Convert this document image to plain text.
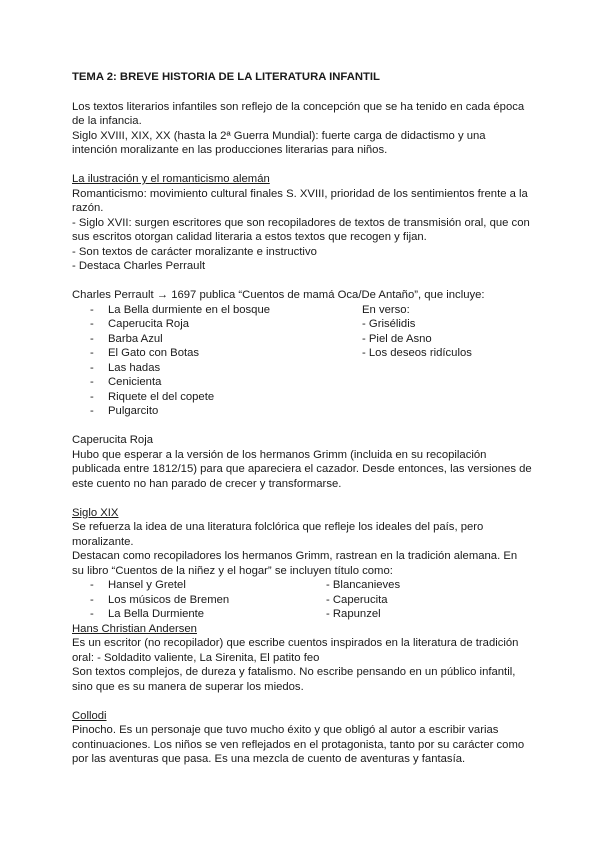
TEMA 2: BREVE HISTORIA DE LA LITERATURA INFANTIL

Los textos literarios infantiles son reflejo de la concepción que se ha tenido en cada época de la infancia.

Siglo XVIII, XIX, XX (hasta la 2ª Guerra Mundial): fuerte carga de didactismo y una intención moralizante en las producciones literarias para niños.

La ilustración y el romanticismo alemán

Romanticismo: movimiento cultural finales S. XVIII, prioridad de los sentimientos frente a la razón.

- Siglo XVII: surgen escritores que son recopiladores de textos de transmisión oral, que con sus escritos otorgan calidad literaria a estos textos que recogen y fijan.

- Son textos de carácter moralizante e instructivo

- Destaca Charles Perrault

Charles Perrault → 1697 publica “Cuentos de mamá Oca/De Antaño”, que incluye:

-	La Bella durmiente en el bosque
-	Caperucita Roja
-	Barba Azul
-	El Gato con Botas
-	Las hadas
-	Cenicienta
-	Riquete el del copete
-	Pulgarcito

En verso:

- Grisélidis

- Piel de Asno

- Los deseos ridículos

Caperucita Roja

Hubo que esperar a la versión de los hermanos Grimm (incluida en su recopilación publicada entre 1812/15) para que apareciera el cazador. Desde entonces, las versiones de este cuento no han parado de crecer y transformarse.

Siglo XIX

Se refuerza la idea de una literatura folclórica que refleje los ideales del país, pero moralizante.

Destacan como recopiladores los hermanos Grimm, rastrean en la tradición alemana. En su libro “Cuentos de la niñez y el hogar” se incluyen título como:

-	Hansel y Gretel
-	Los músicos de Bremen
-	La Bella Durmiente

- Blancanieves

- Caperucita

- Rapunzel

Hans Christian Andersen

Es un escritor (no recopilador) que escribe cuentos inspirados en la literatura de tradición oral: - Soldadito valiente, La Sirenita, El patito feo

Son textos complejos, de dureza y fatalismo. No escribe pensando en un público infantil, sino que es su manera de superar los miedos.

Collodi

Pinocho. Es un personaje que tuvo mucho éxito y que obligó al autor a escribir varias continuaciones. Los niños se ven reflejados en el protagonista, tanto por su carácter como por las aventuras que pasa. Es una mezcla de cuento de aventuras y fantasía.
